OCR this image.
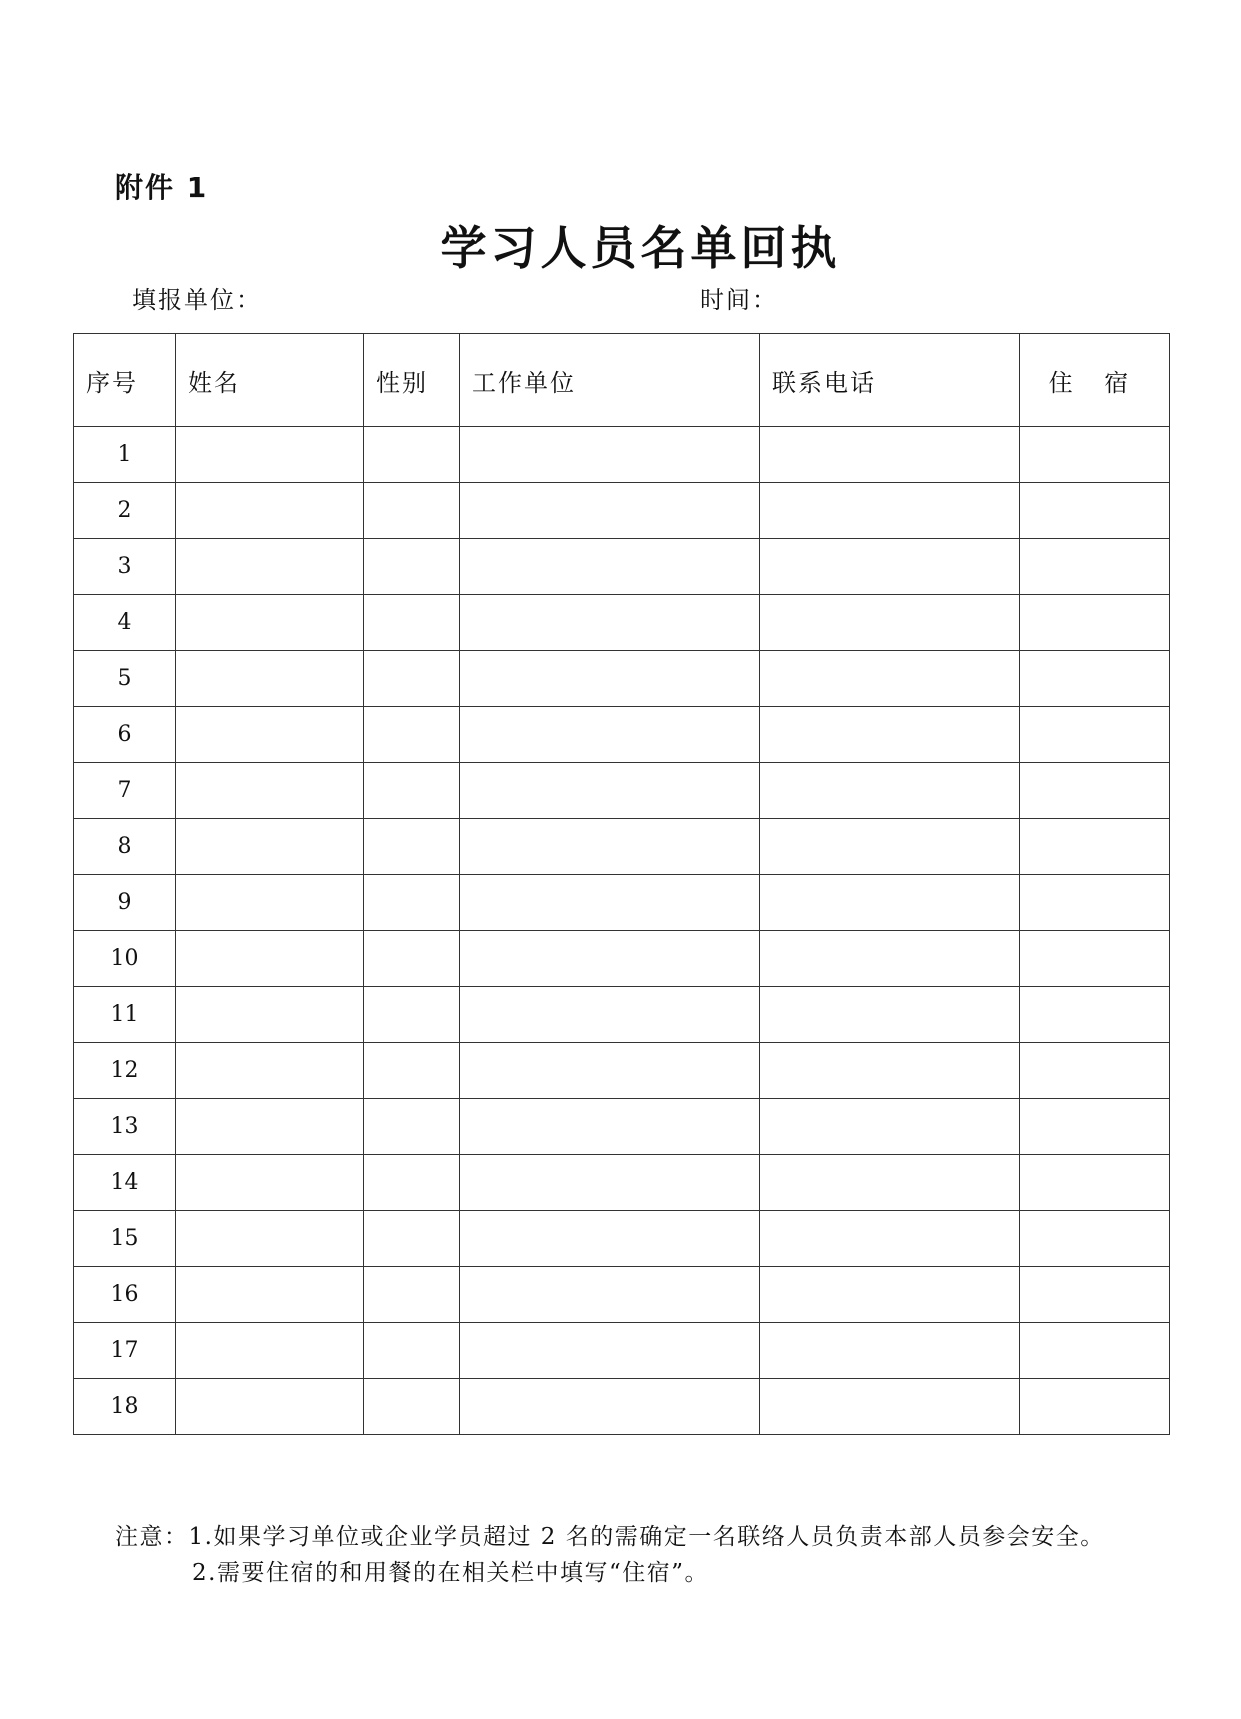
附件 1
学习人员名单回执
填报单位：	时间：
序号	姓名	性别	工作单位	联系电话	住 宿
1					
2					
3					
4					
5					
6					
7					
8					
9					
10					
11					
12					
13					
14					
15					
16					
17					
18					
注意：1.如果学习单位或企业学员超过 2 名的需确定一名联络人员负责本部人员参会安全。
2.需要住宿的和用餐的在相关栏中填写“住宿”。
